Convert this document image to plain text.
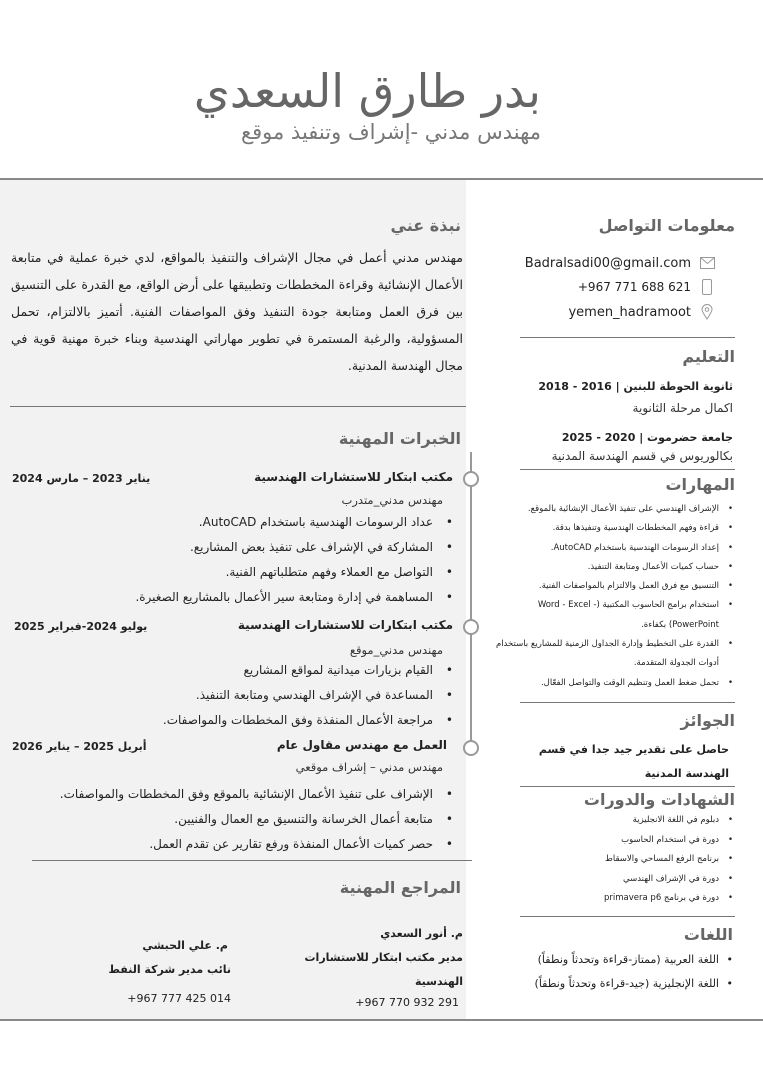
بدر طارق السعدي
مهندس مدني -إشراف وتنفيذ موقع
معلومات التواصل
Badralsadi00@gmail.com
+967 771 688 621
yemen_hadramoot
التعليم
ثانوية الحوطة للبنين | 2016 - 2018
اكمال مرحلة الثانوية
جامعة حضرموت | 2020 - 2025
بكالوريوس في قسم الهندسة المدنية
المهارات
• الإشراف الهندسي على تنفيذ الأعمال الإنشائية بالموقع.
• قراءة وفهم المخططات الهندسية وتنفيذها بدقة.
• إعداد الرسومات الهندسية باستخدام AutoCAD.
• حساب كميات الأعمال ومتابعة التنفيذ.
• التنسيق مع فرق العمل والالتزام بالمواصفات الفنية.
• استخدام برامج الحاسوب المكتبية (Word - Excel - PowerPoint) بكفاءة.
• القدرة على التخطيط وإدارة الجداول الزمنية للمشاريع باستخدام أدوات الجدولة المتقدمة.
• تحمل ضغط العمل وتنظيم الوقت والتواصل الفعّال.
الجوائز
حاصل على تقدير جيد جدا في قسم الهندسة المدنية
الشهادات والدورات
• دبلوم في اللغة الانجليزية
• دورة في استخدام الحاسوب
• برنامج الرفع المساحي والاسقاط
• دورة في الإشراف الهندسي
• دورة في برنامج primavera p6
اللغات
• اللغة العربية (ممتاز-قراءة وتحدثاً ونطقاً)
• اللغة الإنجليزية (جيد-قراءة وتحدثاً ونطقاً)
نبذة عني
مهندس مدني أعمل في مجال الإشراف والتنفيذ بالمواقع، لدي خبرة عملية في متابعة الأعمال الإنشائية وقراءة المخططات وتطبيقها على أرض الواقع، مع القدرة على التنسيق بين فرق العمل ومتابعة جودة التنفيذ وفق المواصفات الفنية. أتميز بالالتزام، تحمل المسؤولية، والرغبة المستمرة في تطوير مهاراتي الهندسية وبناء خبرة مهنية قوية في مجال الهندسة المدنية.
الخبرات المهنية
مكتب ابتكار للاستشارات الهندسية
يناير 2023 – مارس 2024
مهندس مدني_متدرب
• عداد الرسومات الهندسية باستخدام AutoCAD.
• المشاركة في الإشراف على تنفيذ بعض المشاريع.
• التواصل مع العملاء وفهم متطلباتهم الفنية.
• المساهمة في إدارة ومتابعة سير الأعمال بالمشاريع الصغيرة.
مكتب ابتكارات للاستشارات الهندسية
يوليو 2024-فبراير 2025
مهندس مدني_موقع
• القيام بزيارات ميدانية لمواقع المشاريع
• المساعدة في الإشراف الهندسي ومتابعة التنفيذ.
• مراجعة الأعمال المنفذة وفق المخططات والمواصفات.
العمل مع مهندس مقاول عام
أبريل 2025 – يناير 2026
مهندس مدني – إشراف موقعي
• الإشراف على تنفيذ الأعمال الإنشائية بالموقع وفق المخططات والمواصفات.
• متابعة أعمال الخرسانة والتنسيق مع العمال والفنيين.
• حصر كميات الأعمال المنفذة ورفع تقارير عن تقدم العمل.
المراجع المهنية
م. أنور السعدي
مدير مكتب ابتكار للاستشارات الهندسية
+967 770 932 291
م. علي الحبشي
نائب مدير شركة النفط
+967 777 425 014
